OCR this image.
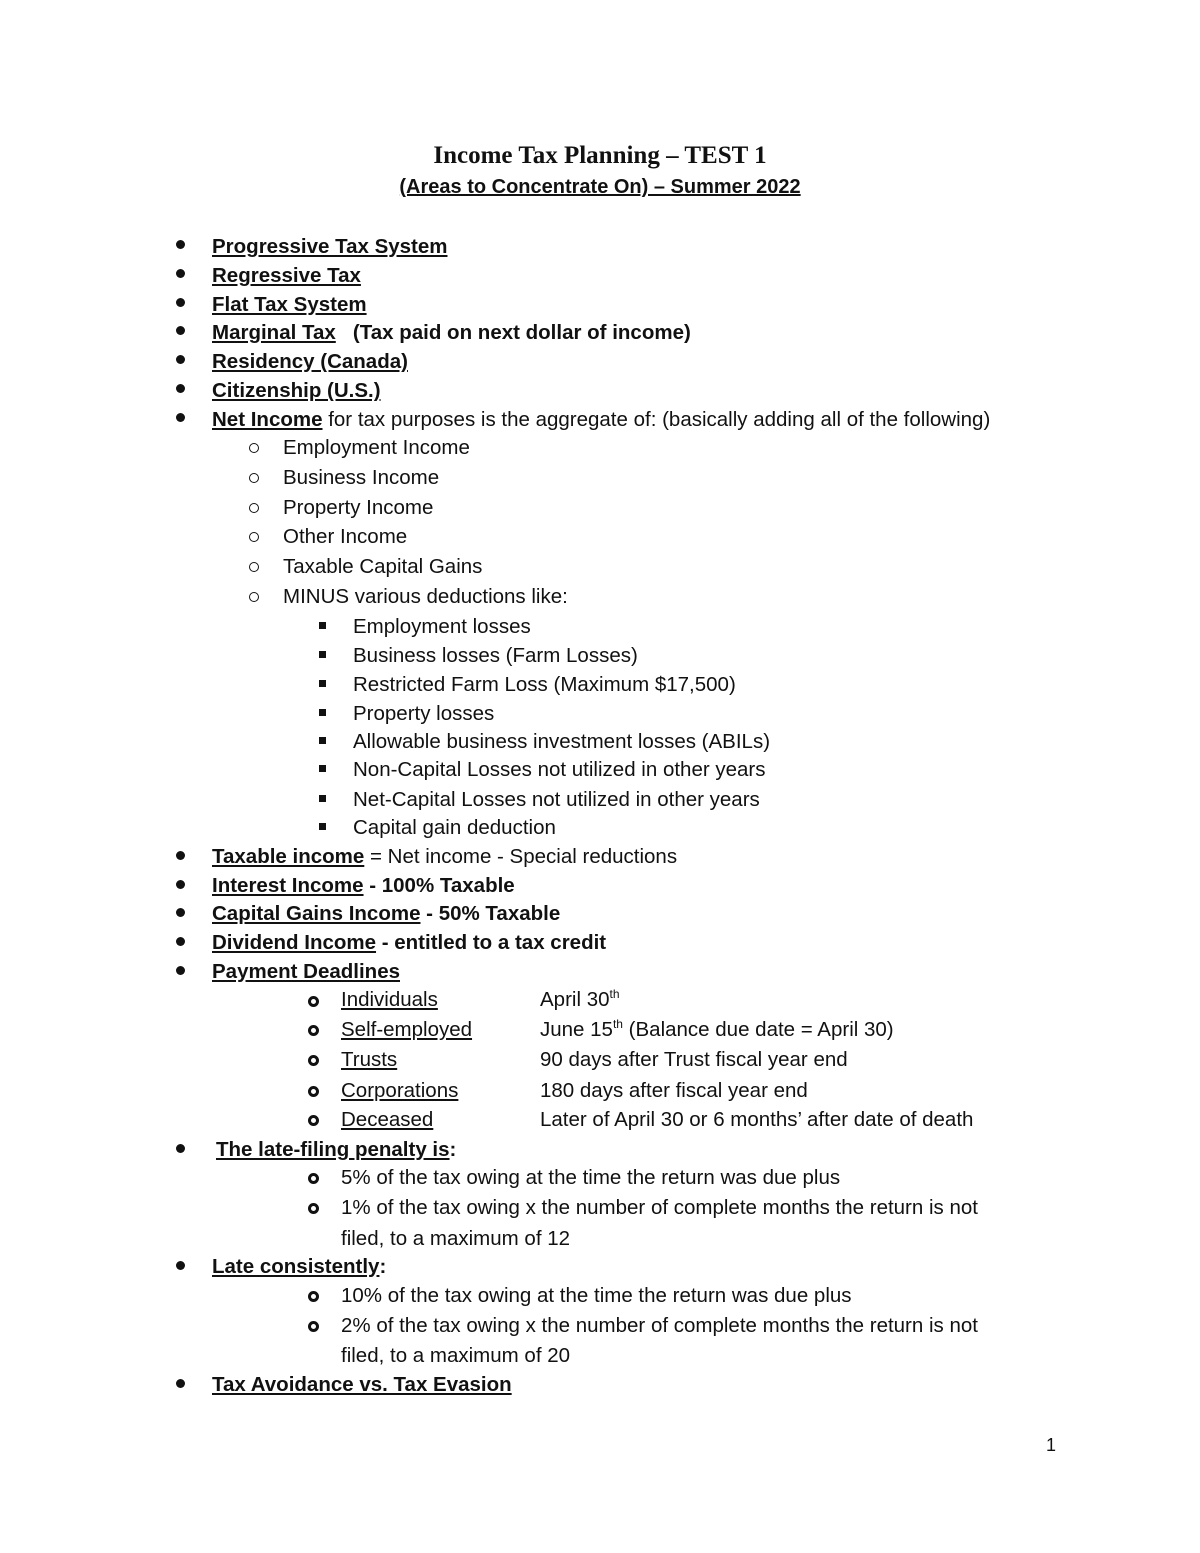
Income Tax Planning – TEST 1
(Areas to Concentrate On) – Summer 2022
Progressive Tax System
Regressive Tax
Flat Tax System
Marginal Tax (Tax paid on next dollar of income)
Residency (Canada)
Citizenship (U.S.)
Net Income for tax purposes is the aggregate of: (basically adding all of the following)
Employment Income
Business Income
Property Income
Other Income
Taxable Capital Gains
MINUS various deductions like:
Employment losses
Business losses (Farm Losses)
Restricted Farm Loss (Maximum $17,500)
Property losses
Allowable business investment losses (ABILs)
Non-Capital Losses not utilized in other years
Net-Capital Losses not utilized in other years
Capital gain deduction
Taxable income = Net income - Special reductions
Interest Income - 100% Taxable
Capital Gains Income - 50% Taxable
Dividend Income - entitled to a tax credit
Payment Deadlines
Individuals	April 30th
Self-employed	June 15th (Balance due date = April 30)
Trusts	90 days after Trust fiscal year end
Corporations	180 days after fiscal year end
Deceased	Later of April 30 or 6 months’ after date of death
The late-filing penalty is:
5% of the tax owing at the time the return was due plus
1% of the tax owing x the number of complete months the return is not
filed, to a maximum of 12
Late consistently:
10% of the tax owing at the time the return was due plus
2% of the tax owing x the number of complete months the return is not
filed, to a maximum of 20
Tax Avoidance vs. Tax Evasion
1
